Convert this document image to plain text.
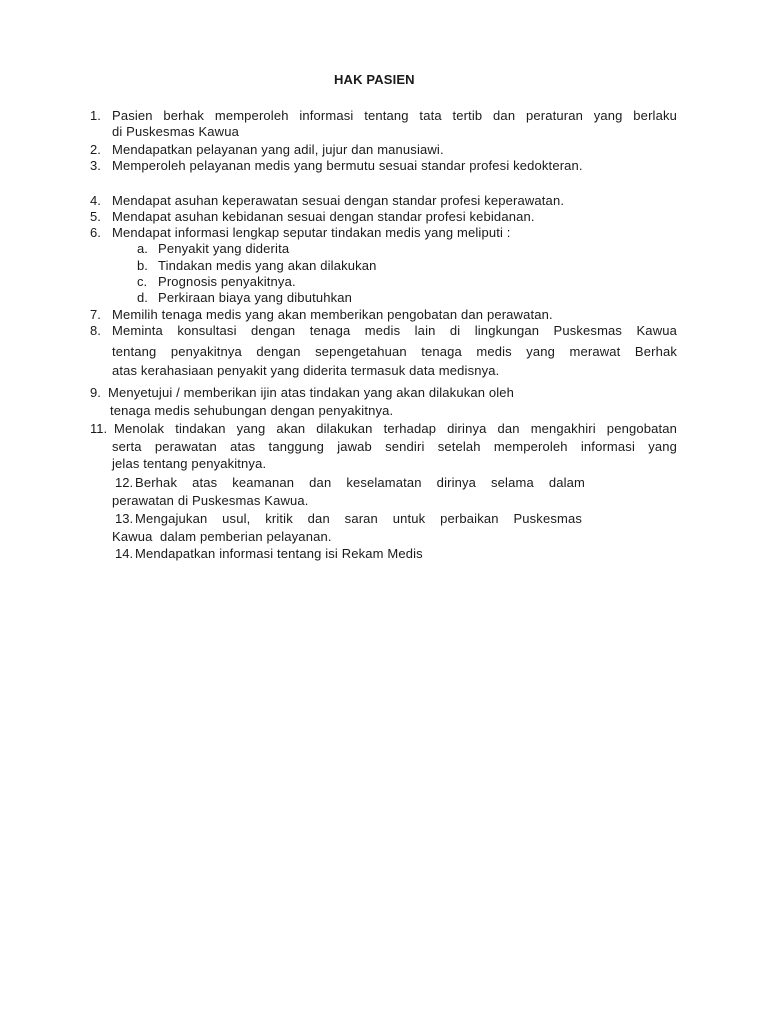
HAK PASIEN
1. Pasien berhak memperoleh informasi tentang tata tertib dan peraturan yang berlaku
di Puskesmas Kawua
2. Mendapatkan pelayanan yang adil, jujur dan manusiawi.
3. Memperoleh pelayanan medis yang bermutu sesuai standar profesi kedokteran.
4. Mendapat asuhan keperawatan sesuai dengan standar profesi keperawatan.
5. Mendapat asuhan kebidanan sesuai dengan standar profesi kebidanan.
6. Mendapat informasi lengkap seputar tindakan medis yang meliputi :
a. Penyakit yang diderita
b. Tindakan medis yang akan dilakukan
c. Prognosis penyakitnya.
d. Perkiraan biaya yang dibutuhkan
7. Memilih tenaga medis yang akan memberikan pengobatan dan perawatan.
8. Meminta konsultasi dengan tenaga medis lain di lingkungan Puskesmas Kawua
tentang penyakitnya dengan sepengetahuan tenaga medis yang merawat Berhak
atas kerahasiaan penyakit yang diderita termasuk data medisnya.
9. Menyetujui / memberikan ijin atas tindakan yang akan dilakukan oleh
tenaga medis sehubungan dengan penyakitnya.
11. Menolak tindakan yang akan dilakukan terhadap dirinya dan mengakhiri pengobatan
serta perawatan atas tanggung jawab sendiri setelah memperoleh informasi yang
jelas tentang penyakitnya.
12. Berhak atas keamanan dan keselamatan dirinya selama dalam
perawatan di Puskesmas Kawua.
13. Mengajukan usul, kritik dan saran untuk perbaikan Puskesmas
Kawua  dalam pemberian pelayanan.
14. Mendapatkan informasi tentang isi Rekam Medis
